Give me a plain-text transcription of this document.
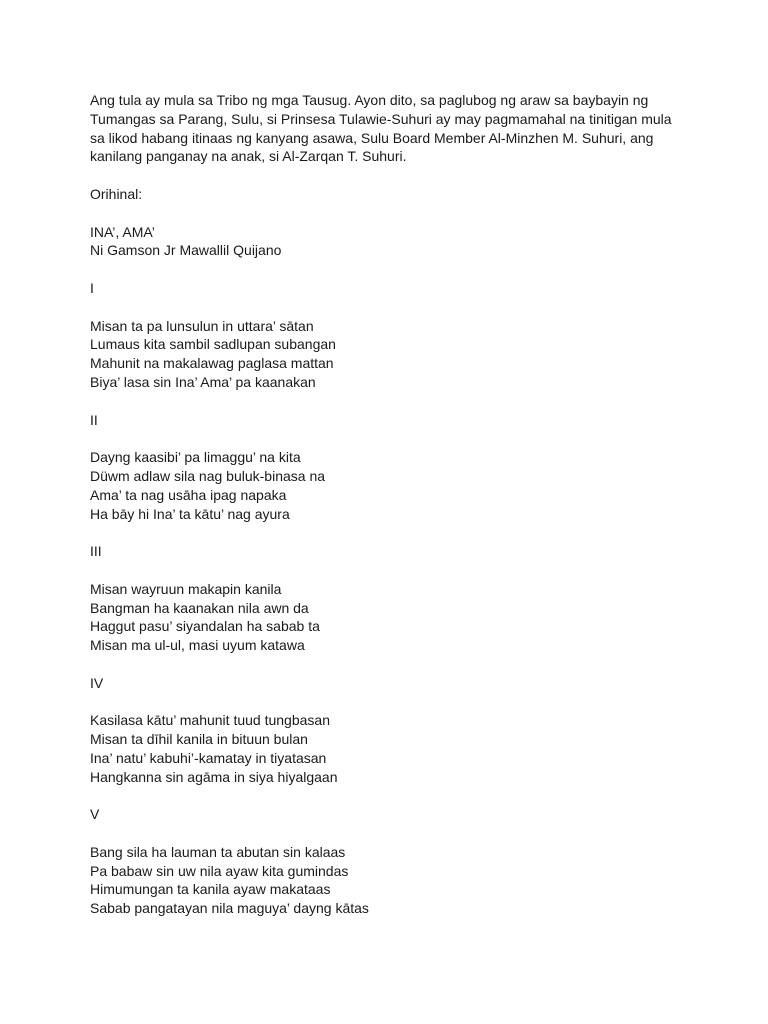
Ang tula ay mula sa Tribo ng mga Tausug. Ayon dito, sa paglubog ng araw sa baybayin ng

Tumangas sa Parang, Sulu, si Prinsesa Tulawie-Suhuri ay may pagmamahal na tinitigan mula

sa likod habang itinaas ng kanyang asawa, Sulu Board Member Al-Minzhen M. Suhuri, ang

kanilang panganay na anak, si Al-Zarqan T. Suhuri.

Orihinal:

INA’, AMA’

Ni Gamson Jr Mawallil Quijano

I

Misan ta pa lunsulun in uttara’ sātan

Lumaus kita sambil sadlupan subangan

Mahunit na makalawag paglasa mattan

Biya’ lasa sin Ina’ Ama’ pa kaanakan

II

Dayng kaasibi’ pa limaggu’ na kita

Düwm adlaw sila nag buluk-binasa na

Ama’ ta nag usāha ipag napaka

Ha bāy hi Ina’ ta kātu’ nag ayura

III

Misan wayruun makapin kanila

Bangman ha kaanakan nila awn da

Haggut pasu’ siyandalan ha sabab ta

Misan ma ul-ul, masi uyum katawa

IV

Kasilasa kātu’ mahunit tuud tungbasan

Misan ta dīhil kanila in bituun bulan

Ina’ natu’ kabuhi’-kamatay in tiyatasan

Hangkanna sin agāma in siya hiyalgaan

V

Bang sila ha lauman ta abutan sin kalaas

Pa babaw sin uw nila ayaw kita gumindas

Himumungan ta kanila ayaw makataas

Sabab pangatayan nila maguya’ dayng kātas
